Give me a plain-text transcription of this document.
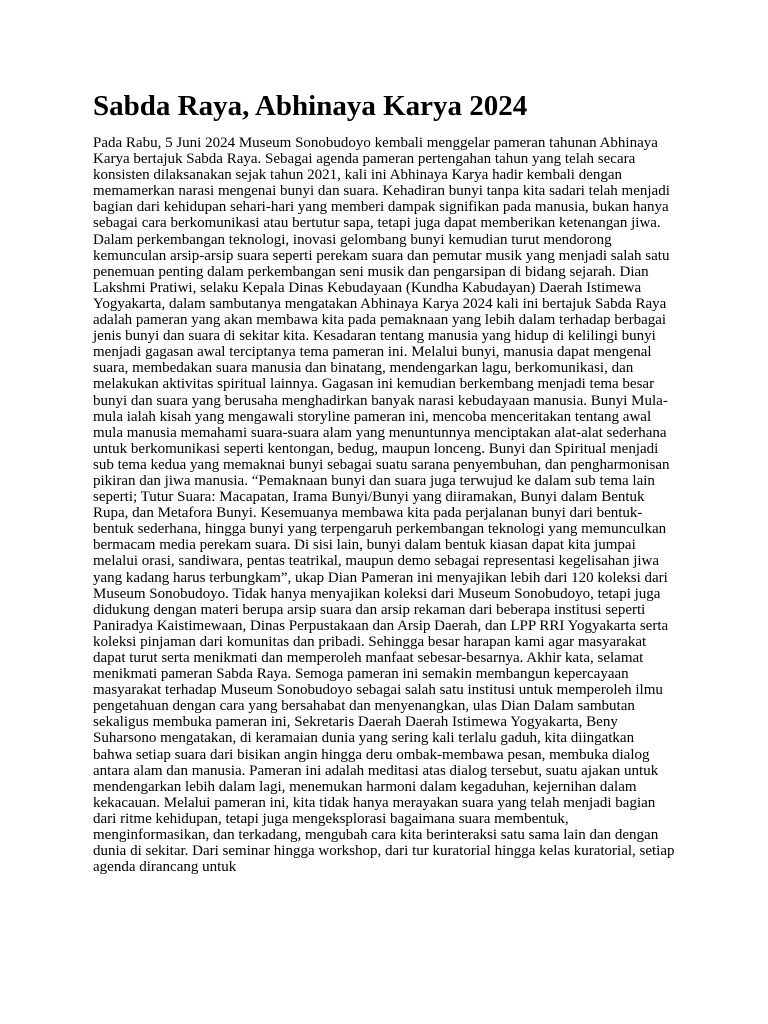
Sabda Raya, Abhinaya Karya 2024

Pada Rabu, 5 Juni 2024 Museum Sonobudoyo kembali menggelar pameran tahunan Abhinaya Karya bertajuk Sabda Raya. Sebagai agenda pameran pertengahan tahun yang telah secara konsisten dilaksanakan sejak tahun 2021, kali ini Abhinaya Karya hadir kembali dengan memamerkan narasi mengenai bunyi dan suara. Kehadiran bunyi tanpa kita sadari telah menjadi bagian dari kehidupan sehari-hari yang memberi dampak signifikan pada manusia, bukan hanya sebagai cara berkomunikasi atau bertutur sapa, tetapi juga dapat memberikan ketenangan jiwa. Dalam perkembangan teknologi, inovasi gelombang bunyi kemudian turut mendorong kemunculan arsip-arsip suara seperti perekam suara dan pemutar musik yang menjadi salah satu penemuan penting dalam perkembangan seni musik dan pengarsipan di bidang sejarah. Dian Lakshmi Pratiwi, selaku Kepala Dinas Kebudayaan (Kundha Kabudayan) Daerah Istimewa Yogyakarta, dalam sambutanya mengatakan Abhinaya Karya 2024 kali ini bertajuk Sabda Raya adalah pameran yang akan membawa kita pada pemaknaan yang lebih dalam terhadap berbagai jenis bunyi dan suara di sekitar kita. Kesadaran tentang manusia yang hidup di kelilingi bunyi menjadi gagasan awal terciptanya tema pameran ini. Melalui bunyi, manusia dapat mengenal suara, membedakan suara manusia dan binatang, mendengarkan lagu, berkomunikasi, dan melakukan aktivitas spiritual lainnya. Gagasan ini kemudian berkembang menjadi tema besar bunyi dan suara yang berusaha menghadirkan banyak narasi kebudayaan manusia. Bunyi Mula-mula ialah kisah yang mengawali storyline pameran ini, mencoba menceritakan tentang awal mula manusia memahami suara-suara alam yang menuntunnya menciptakan alat-alat sederhana untuk berkomunikasi seperti kentongan, bedug, maupun lonceng. Bunyi dan Spiritual menjadi sub tema kedua yang memaknai bunyi sebagai suatu sarana penyembuhan, dan pengharmonisan pikiran dan jiwa manusia. “Pemaknaan bunyi dan suara juga terwujud ke dalam sub tema lain seperti; Tutur Suara: Macapatan, Irama Bunyi/Bunyi yang diiramakan, Bunyi dalam Bentuk Rupa, dan Metafora Bunyi. Kesemuanya membawa kita pada perjalanan bunyi dari bentuk-bentuk sederhana, hingga bunyi yang terpengaruh perkembangan teknologi yang memunculkan bermacam media perekam suara. Di sisi lain, bunyi dalam bentuk kiasan dapat kita jumpai melalui orasi, sandiwara, pentas teatrikal, maupun demo sebagai representasi kegelisahan jiwa yang kadang harus terbungkam”, ukap Dian Pameran ini menyajikan lebih dari 120 koleksi dari Museum Sonobudoyo. Tidak hanya menyajikan koleksi dari Museum Sonobudoyo, tetapi juga didukung dengan materi berupa arsip suara dan arsip rekaman dari beberapa institusi seperti Paniradya Kaistimewaan, Dinas Perpustakaan dan Arsip Daerah, dan LPP RRI Yogyakarta serta koleksi pinjaman dari komunitas dan pribadi. Sehingga besar harapan kami agar masyarakat dapat turut serta menikmati dan memperoleh manfaat sebesar-besarnya. Akhir kata, selamat menikmati pameran Sabda Raya. Semoga pameran ini semakin membangun kepercayaan masyarakat terhadap Museum Sonobudoyo sebagai salah satu institusi untuk memperoleh ilmu pengetahuan dengan cara yang bersahabat dan menyenangkan, ulas Dian Dalam sambutan sekaligus membuka pameran ini, Sekretaris Daerah Daerah Istimewa Yogyakarta, Beny Suharsono mengatakan, di keramaian dunia yang sering kali terlalu gaduh, kita diingatkan bahwa setiap suara dari bisikan angin hingga deru ombak-membawa pesan, membuka dialog antara alam dan manusia. Pameran ini adalah meditasi atas dialog tersebut, suatu ajakan untuk mendengarkan lebih dalam lagi, menemukan harmoni dalam kegaduhan, kejernihan dalam kekacauan. Melalui pameran ini, kita tidak hanya merayakan suara yang telah menjadi bagian dari ritme kehidupan, tetapi juga mengeksplorasi bagaimana suara membentuk, menginformasikan, dan terkadang, mengubah cara kita berinteraksi satu sama lain dan dengan dunia di sekitar. Dari seminar hingga workshop, dari tur kuratorial hingga kelas kuratorial, setiap agenda dirancang untuk
